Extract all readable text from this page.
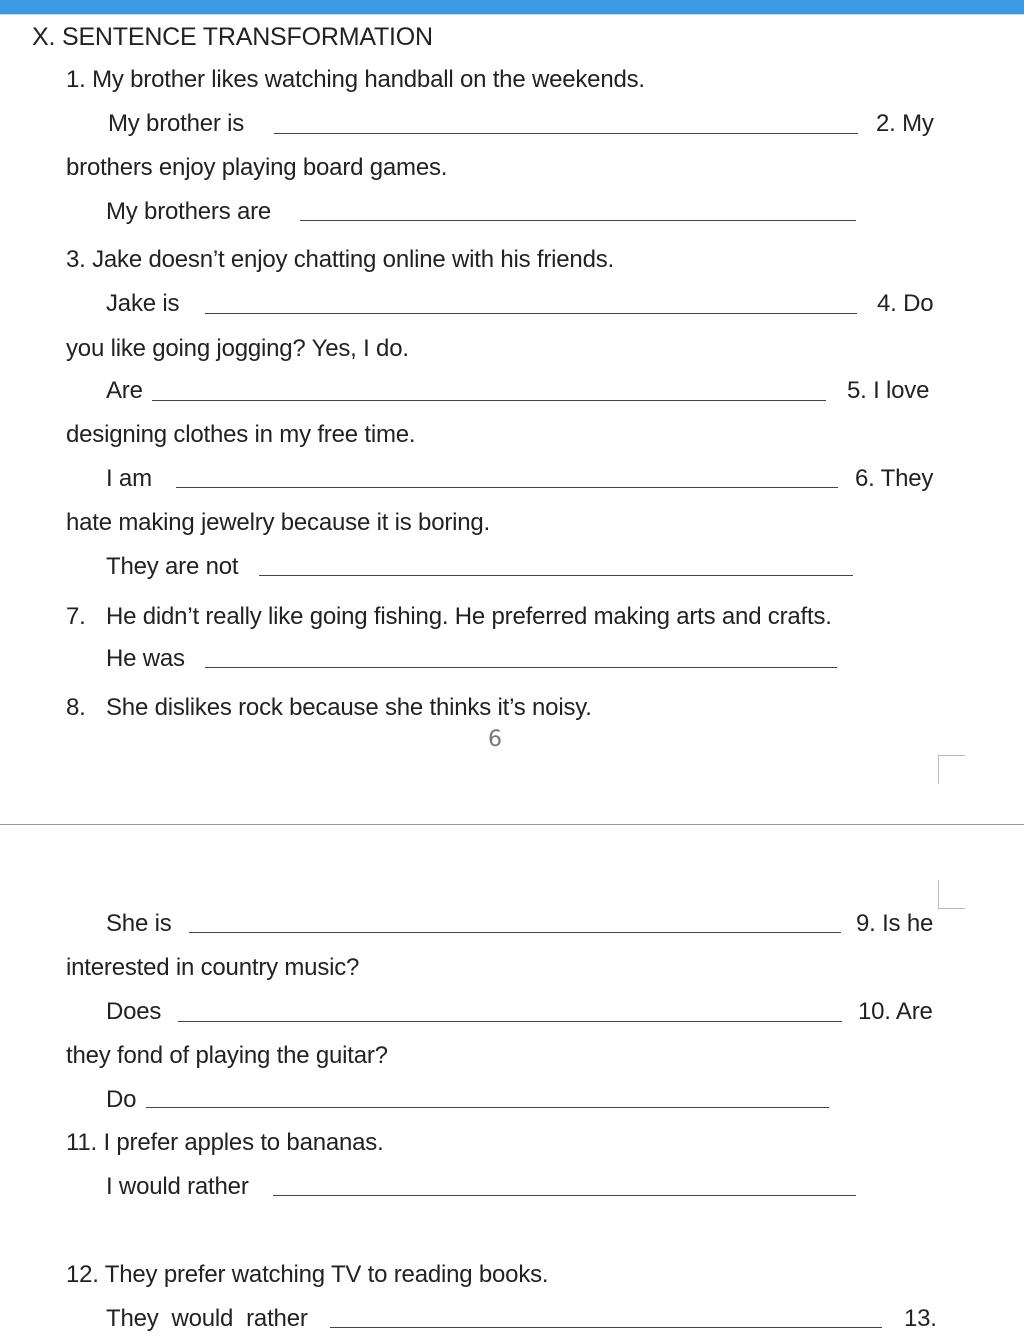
X. SENTENCE TRANSFORMATION
1. My brother likes watching handball on the weekends.
My brother is	2. My
brothers enjoy playing board games.
My brothers are
3. Jake doesn’t enjoy chatting online with his friends.
Jake is	4. Do
you like going jogging? Yes, I do.
Are	5. I love
designing clothes in my free time.
I am	6. They
hate making jewelry because it is boring.
They are not
7. He didn’t really like going fishing. He preferred making arts and crafts.
He was
8. She dislikes rock because she thinks it’s noisy.
6
She is	9. Is he
interested in country music?
Does	10. Are
they fond of playing the guitar?
Do
11. I prefer apples to bananas.
I would rather
12. They prefer watching TV to reading books.
They  would  rather	13.
